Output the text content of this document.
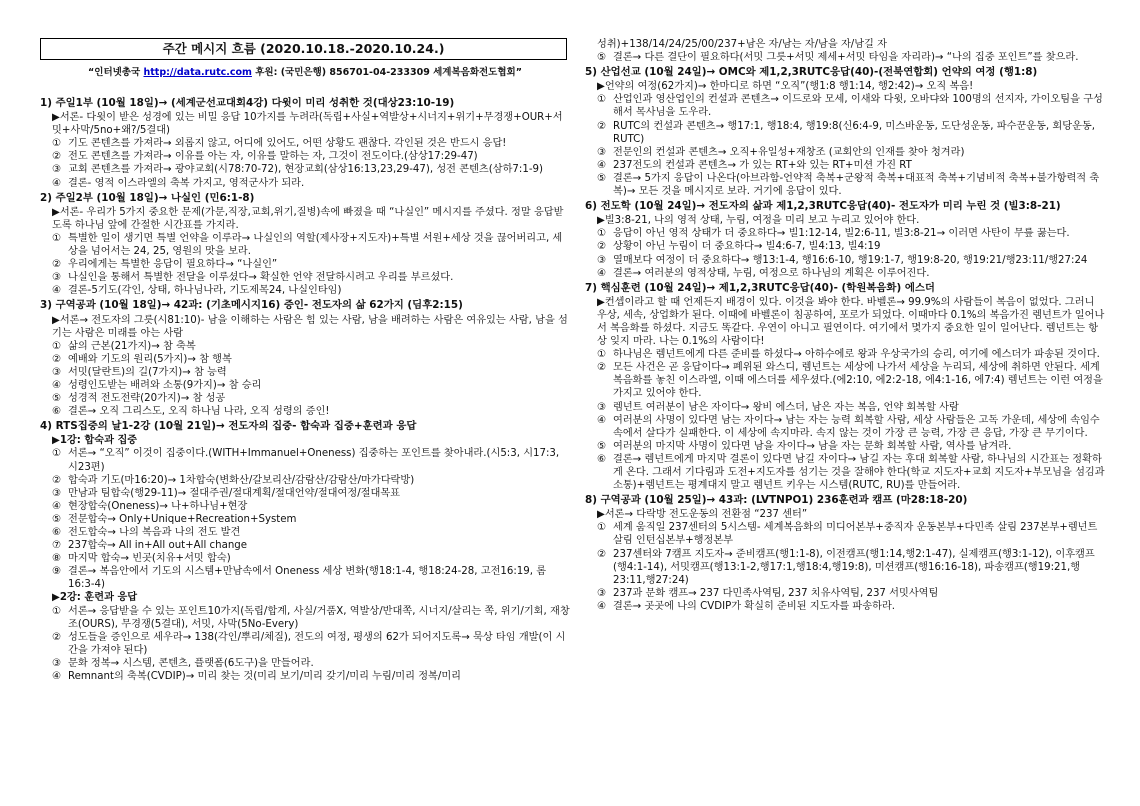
주간 메시지 흐름 (2020.10.18.-2020.10.24.)
“인터넷총국 http://data.rutc.com 후원: (국민은행) 856701-04-233309 세계복음화전도협회”
1) 주일1부 (10월 18일)→ (세계군선교대회4강) 다윗이 미리 성취한 것(대상23:10-19)
▶서론- 다윗이 받은 성경에 있는 비밀 응답 10가지를 누려라(독립+사실+역발상+시너지+위기+무경쟁+OUR+서밋+사막/5no+왜?/5결대)
① 기도 콘텐츠를 가져라→ 외롭지 않고, 어디에 있어도, 어떤 상황도 괜찮다. 각인된 것은 반드시 응답!
② 전도 콘텐츠를 가져라→ 이유를 아는 자, 이유를 말하는 자, 그것이 전도이다.(삼상17:29-47)
③ 교회 콘텐츠를 가져라→ 광야교회(시78:70-72), 현장교회(삼상16:13,23,29-47), 성전 콘텐츠(삼하7:1-9)
④ 결론- 영적 이스라엘의 축복 가지고, 영적군사가 되라.
2) 주일2부 (10월 18일)→ 나실인 (민6:1-8)
▶서론- 우리가 5가지 중요한 문제(가문,직장,교회,위기,질병)속에 빠졌을 때 “나실인” 메시지를 주셨다. 정말 응답받도록 하나님 앞에 간절한 시간표를 가지라.
① 특별한 일이 생기면 특별 언약을 이루라→ 나실인의 역할(제사장+지도자)+특별 서원+세상 것을 끊어버리고, 세상을 넘어서는 24, 25, 영원의 맛을 보라.
② 우리에게는 특별한 응답이 필요하다→ “나실인”
③ 나실인을 통해서 특별한 전달을 이루셨다→ 확실한 언약 전달하시려고 우리를 부르셨다.
④ 결론-5기도(각인, 상태, 하나님나라, 기도제목24, 나실인타임)
3) 구역공과 (10월 18일)→ 42과: (기초메시지16) 증인- 전도자의 삶 62가지 (딤후2:15)
▶서론→ 전도자의 그릇(시81:10)- 남을 이해하는 사람은 힘 있는 사람, 남을 배려하는 사람은 여유있는 사람, 남을 섬기는 사람은 미래를 아는 사람
① 삶의 근본(21가지)→ 참 축복
② 예배와 기도의 원리(5가지)→ 참 행복
③ 서밋(달란트)의 길(7가지)→ 참 능력
④ 성령인도받는 배려와 소통(9가지)→ 참 승리
⑤ 성경적 전도전략(20가지)→ 참 성공
⑥ 결론→ 오직 그리스도, 오직 하나님 나라, 오직 성령의 증인!
4) RTS집중의 날1-2강 (10월 21일)→ 전도자의 집중- 합숙과 집중+훈련과 응답
▶1강: 합숙과 집중
① 서론→ “오직” 이것이 집중이다.(WITH+Immanuel+Oneness) 집중하는 포인트를 찾아내라.(시5:3, 시17:3, 시23편)
② 합숙과 기도(마16:20)→ 1차합숙(변화산/갈보리산/감람산/감람산/마가다락방)
③ 만남과 팀합숙(행29-11)→ 절대주권/절대계획/절대언약/절대여정/절대목표
④ 현장합숙(Oneness)→ 나+하나님+현장
⑤ 전문합숙→ Only+Unique+Recreation+System
⑥ 전도합숙→ 나의 복음과 나의 전도 발견
⑦ 237합숙→ All in+All out+All change
⑧ 마지막 합숙→ 빈곳(치유+서밋 합숙)
⑨ 결론→ 복음안에서 기도의 시스템+만남속에서 Oneness 세상 변화(행18:1-4, 행18:24-28, 고전16:19, 롬16:3-4)
▶2강: 훈련과 응답
① 서론→ 응답받을 수 있는 포인트10가지(독립/합계, 사실/거품X, 역발상/반대쪽, 시너지/살리는 쪽, 위기/기회, 재창조(OURS), 무경쟁(5결대), 서밋, 사막(5No-Every)
② 성도들을 증인으로 세우라→ 138(각인/뿌리/체질), 전도의 여정, 평생의 62가 되어지도록→ 묵상 타임 개발(이 시간을 가져야 된다)
③ 문화 정복→ 시스템, 콘텐츠, 플랫폼(6도구)을 만들어라.
④ Remnant의 축복(CVDIP)→ 미리 찾는 것(미리 보기/미리 갖기/미리 누림/미리 정복/미리
성취)+138/14/24/25/00/237+남은 자/남는 자/남을 자/남길 자
⑤ 결론→ 다른 결단이 필요하다(서밋 그릇+서밋 제세+서밋 타임을 자리라)→ “나의 집중 포인트”를 찾으라.
5) 산업선교 (10월 24일)→ OMC와 제1,2,3RUTC응답(40)-(전북연합회) 언약의 여정 (행1:8)
▶언약의 여정(62가지)→ 한마디로 하면 “오직”(행1:8 행1:14, 행2:42)→ 오직 복음!
① 산업인과 영산업인의 컨설과 콘텐츠→ 이드로와 모세, 이새와 다윗, 오바댜와 100명의 선지자, 가이오팀을 구성해서 목사님을 도우라.
② RUTC의 컨설과 콘텐츠→ 행17:1, 행18:4, 행19:8(신6:4-9, 미스바운동, 도단성운동, 파수꾼운동, 회당운동, RUTC)
③ 전문인의 컨설과 콘텐츠→ 오직+유일성+재창조 (교회안의 인재를 찾아 청겨라)
④ 237전도의 컨설과 콘텐츠→ 가 있는 RT+와 있는 RT+미션 가진 RT
⑤ 결론→ 5가지 응답이 나온다(아브라함-언약적 축복+군왕적 축복+대표적 축복+기념비적 축복+불가항력적 축복)→ 모든 것을 메시지로 보라. 거기에 응답이 있다.
6) 전도학 (10월 24일)→ 전도자의 삶과 제1,2,3RUTC응답(40)- 전도자가 미리 누린 것 (빌3:8-21)
▶빌3:8-21, 나의 영적 상태, 누림, 여정을 미리 보고 누리고 있어야 한다.
① 응답이 아닌 영적 상태가 더 중요하다→ 빌1:12-14, 빌2:6-11, 빌3:8-21→ 이러면 사탄이 무릎 꿇는다.
② 상황이 아닌 누림이 더 중요하다→ 빌4:6-7, 빌4:13, 빌4:19
③ 열매보다 여정이 더 중요하다→ 행13:1-4, 행16:6-10, 행19:1-7, 행19:8-20, 행19:21/행23:11/행27:24
④ 결론→ 여러분의 영적상태, 누림, 여정으로 하나님의 계획은 이루어진다.
7) 핵심훈련 (10월 24일)→ 제1,2,3RUTC응답(40)- (학원복음화) 에스더
▶컨셉이라고 할 때 언제든지 배경이 있다. 이것을 봐야 한다. 바벨론→ 99.9%의 사람들이 복음이 없었다. 그러니 우상, 세속, 상업화가 된다. 이때에 바벨론이 침공하여, 포로가 되었다. 이때마다 0.1%의 복음가진 렘넌트가 일어나서 복음화를 하셨다. 지금도 똑같다. 우연이 아니고 필연이다. 여기에서 몇가지 중요한 일이 일어난다. 렘넌트는 항상 잊지 마라. 나는 0.1%의 사람이다!
① 하나님은 렘넌트에게 다른 준비를 하셨다→ 아하수에로 왕과 우상국가의 승리, 여기에 에스더가 파송된 것이다.
② 모든 사건은 곧 응답이다→ 폐위된 와스디, 렘넌트는 세상에 나가서 세상을 누리되, 세상에 취하면 안된다. 세계복음화를 놓친 이스라엘, 이때 에스더를 세우셨다.(에2:10, 에2:2-18, 에4:1-16, 에7:4) 렘넌트는 이런 여정을 가지고 있어야 한다.
③ 렘넌트 여러분이 남은 자이다→ 왕비 에스더, 남은 자는 복음, 언약 회복할 사람
④ 여러분의 사명이 있다면 남는 자이다→ 남는 자는 능력 회복할 사람, 세상 사람들은 고독 가운데, 세상에 속임수 속에서 살다가 실패한다. 이 세상에 속지마라. 속지 않는 것이 가장 큰 능력, 가장 큰 응답, 가장 큰 무기이다.
⑤ 여러분의 마지막 사명이 있다면 남을 자이다→ 남을 자는 문화 회복할 사람, 역사를 남겨라.
⑥ 결론→ 렘넌트에게 마지막 결론이 있다면 남길 자이다→ 남길 자는 후대 회복할 사람, 하나님의 시간표는 정확하게 온다. 그래서 기다림과 도전+지도자를 섬기는 것을 잘해야 한다(학교 지도자+교회 지도자+부모님을 섬김과 소통)+렘넌트는 평계대지 말고 렘넌트 키우는 시스템(RUTC, RU)를 만들어라.
8) 구역공과 (10월 25일)→ 43과: (LVTNPO1) 236훈련과 캠프 (마28:18-20)
▶서론→ 다락방 전도운동의 전환점 “237 센터”
① 세계 움직일 237센터의 5시스템- 세계복음화의 미디어본부+중직자 운동본부+다민족 살림 237본부+렘넌트 살림 인턴십본부+행정본부
② 237센터와 7캠프 지도자→ 준비캠프(행1:1-8), 이전캠프(행1:14,행2:1-47), 실제캠프(행3:1-12), 이후캠프(행4:1-14), 서밋캠프(행13:1-2,행17:1,행18:4,행19:8), 미션캠프(행16:16-18), 파송캠프(행19:21,행23:11,행27:24)
③ 237과 문화 캠프→ 237 다민족사역팀, 237 치유사역팀, 237 서밋사역팀
④ 결론→ 곳곳에 나의 CVDIP가 확실히 준비된 지도자를 파송하라.
